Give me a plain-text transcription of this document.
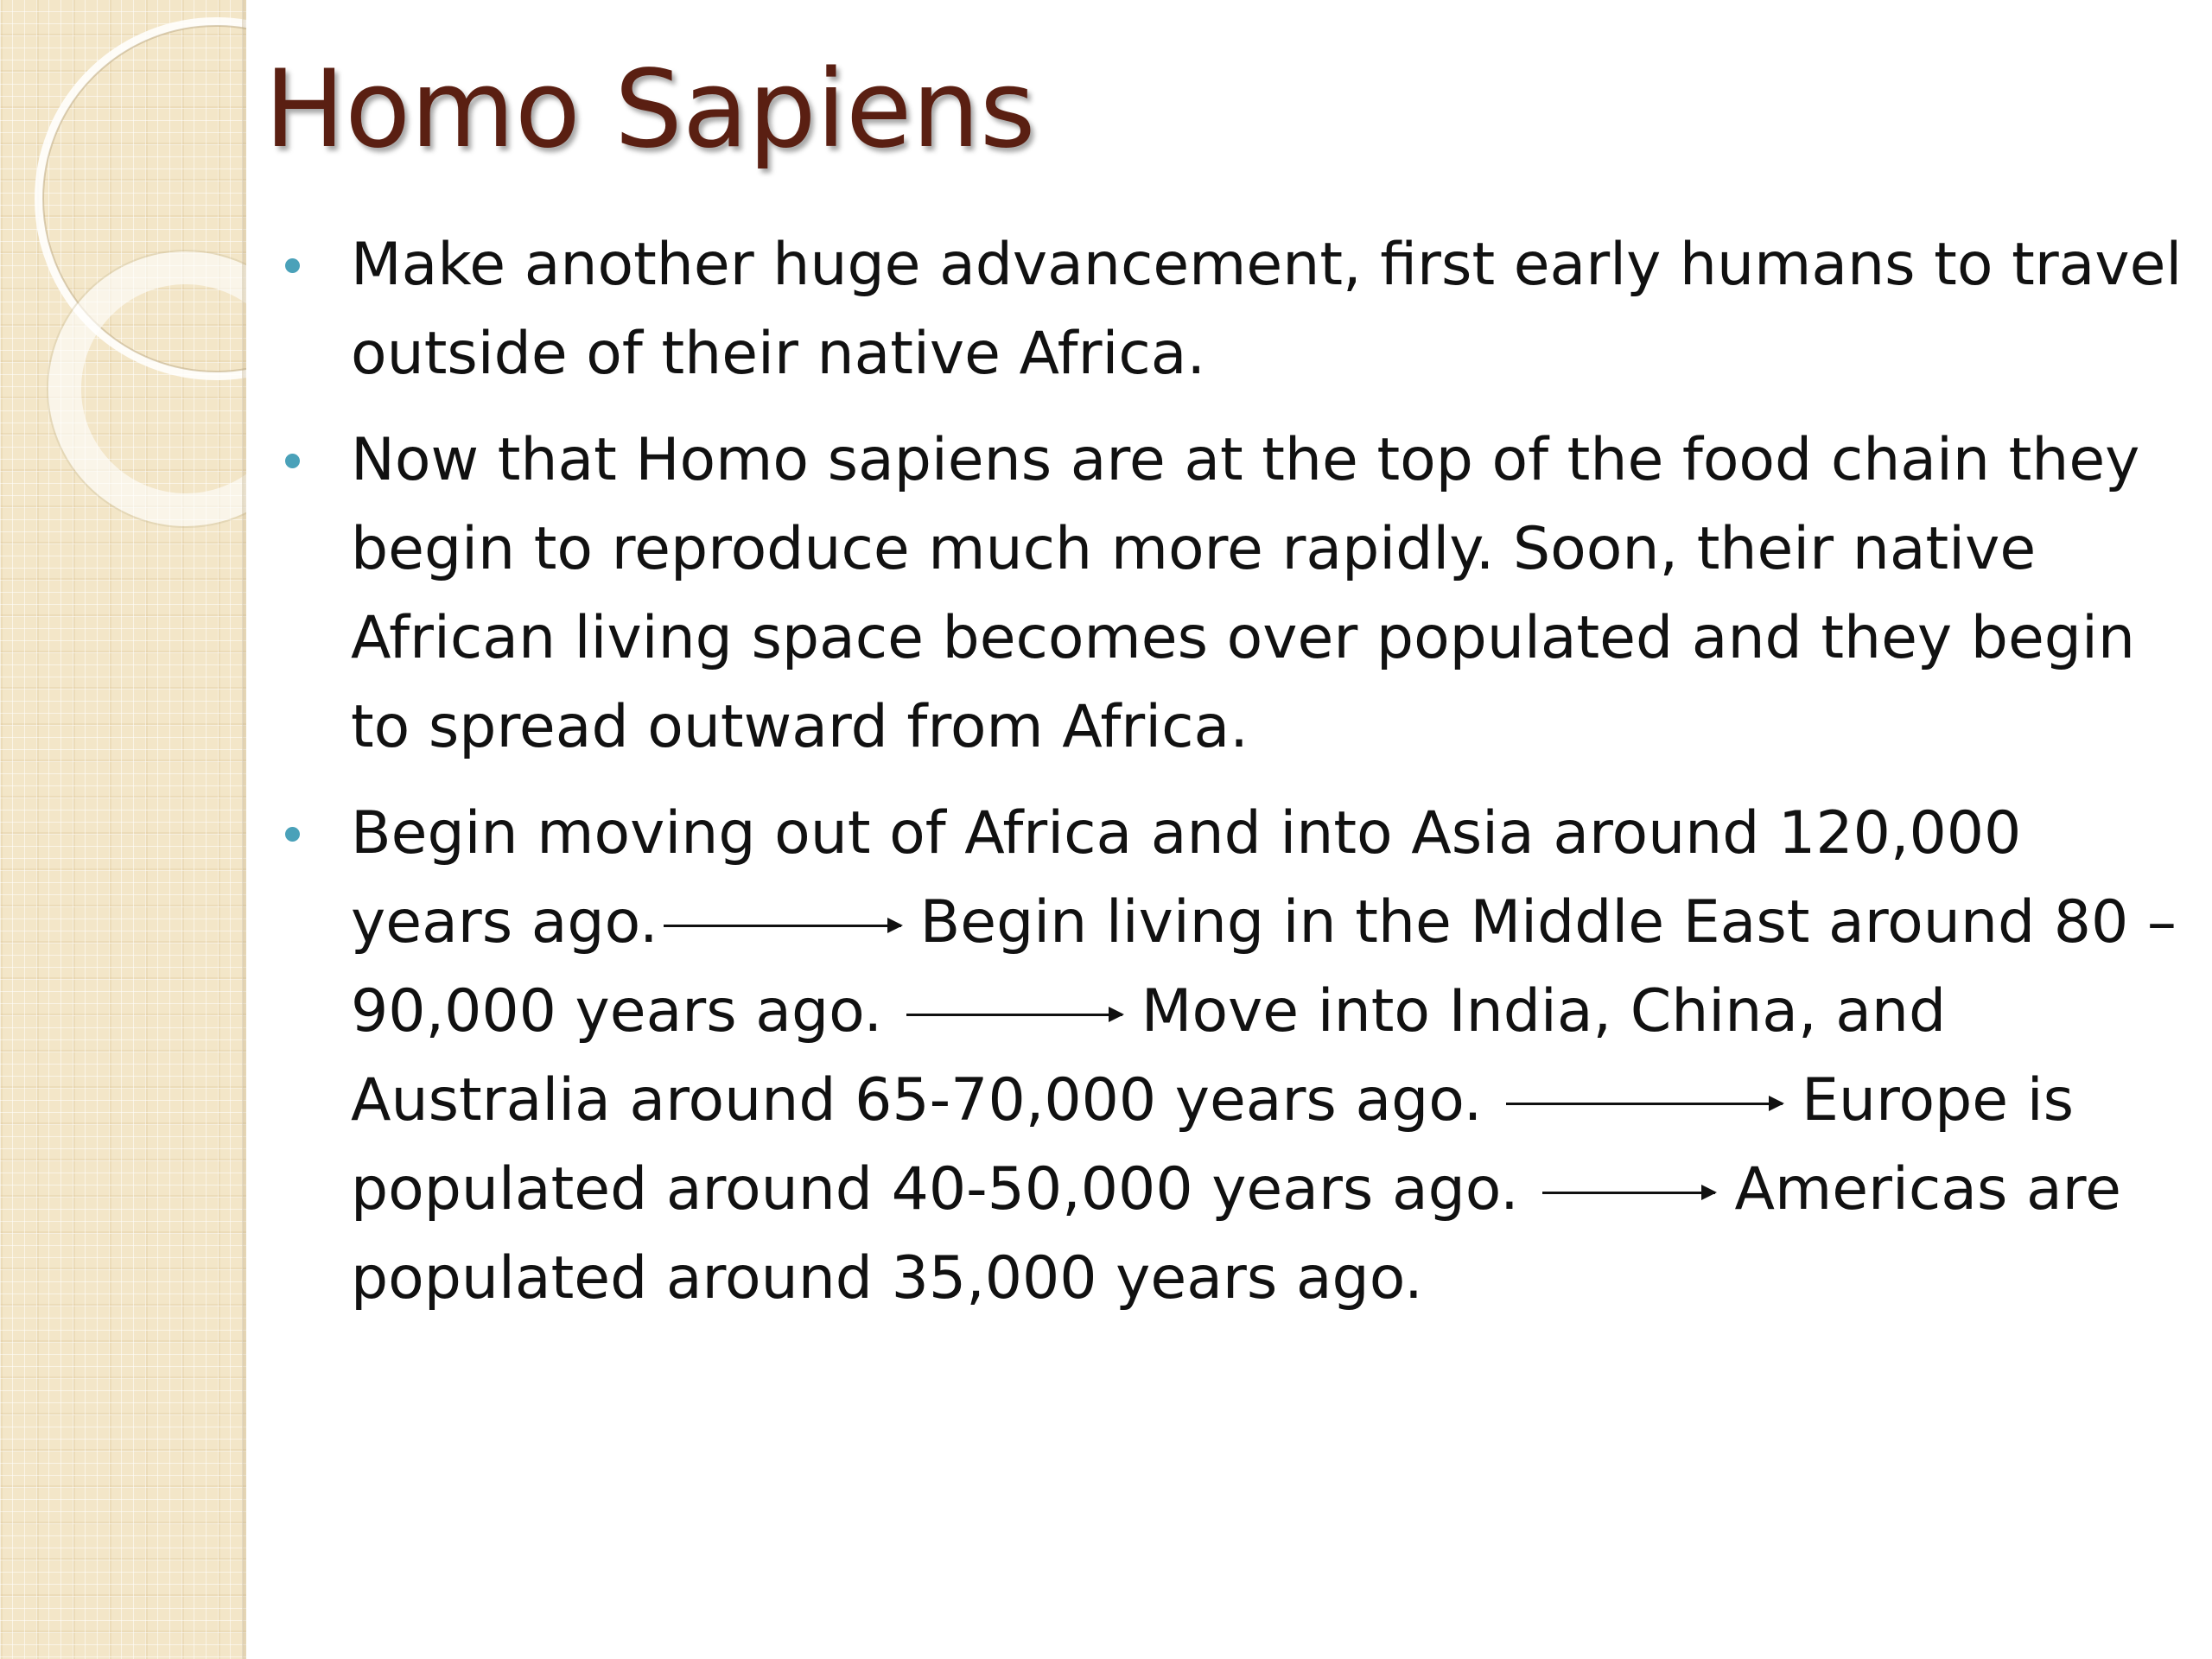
Homo Sapiens
Make another huge advancement, first early humans to travel outside of their native Africa.
Now that Homo sapiens are at the top of the food chain they begin to reproduce much more rapidly. Soon, their native African living space becomes over populated and they begin to spread outward from Africa.
Begin moving out of Africa and into Asia around 120,000 years ago.	Begin living in the Middle East around 80 – 90,000 years ago.	Move into India, China, and Australia around 65-70,000 years ago.	Europe is populated around 40-50,000 years ago.	Americas are populated around 35,000 years ago.
